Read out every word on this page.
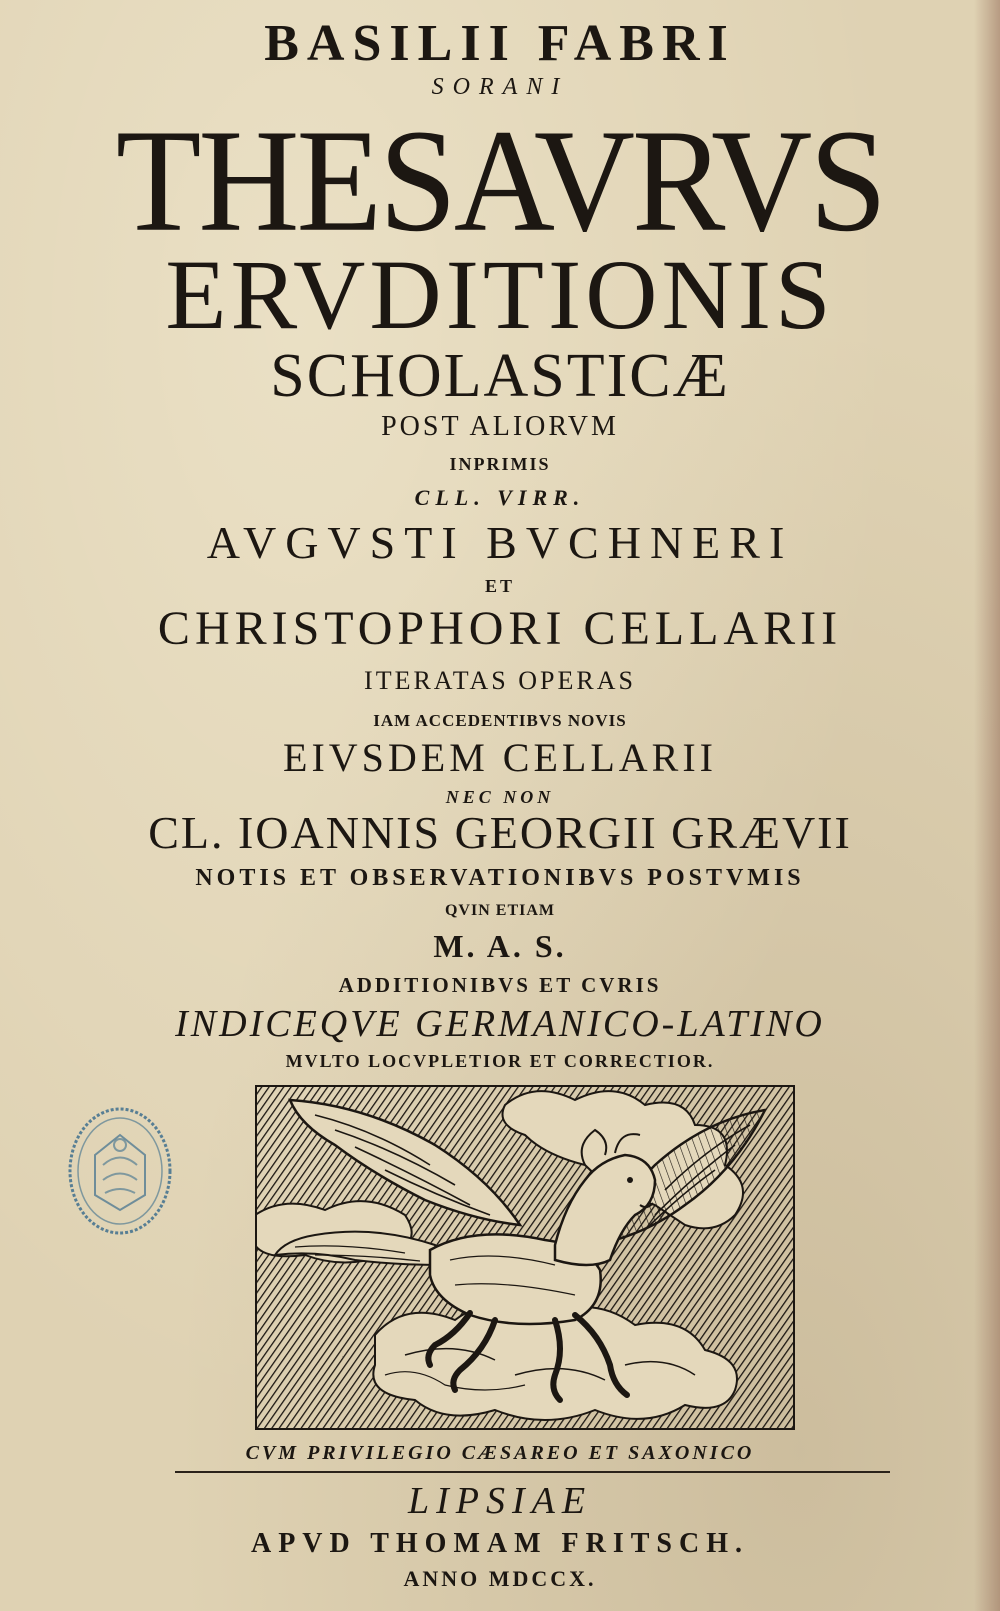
BASILII FABRI

SORANI

THESAVRVS

ERVDITIONIS

SCHOLASTICÆ

POST ALIORVM

INPRIMIS

CLL. VIRR.

AVGVSTI BVCHNERI

ET

CHRISTOPHORI CELLARII

ITERATAS OPERAS

IAM ACCEDENTIBVS NOVIS

EIVSDEM CELLARII

NEC NON

CL. IOANNIS GEORGII GRÆVII

NOTIS ET OBSERVATIONIBVS POSTVMIS

QVIN ETIAM

M. A. S.

ADDITIONIBVS ET CVRIS

INDICEQVE GERMANICO-LATINO

MVLTO LOCVPLETIOR ET CORRECTIOR.

CVM PRIVILEGIO CÆSAREO ET SAXONICO

LIPSIAE

APVD THOMAM FRITSCH.

ANNO MDCCX.
